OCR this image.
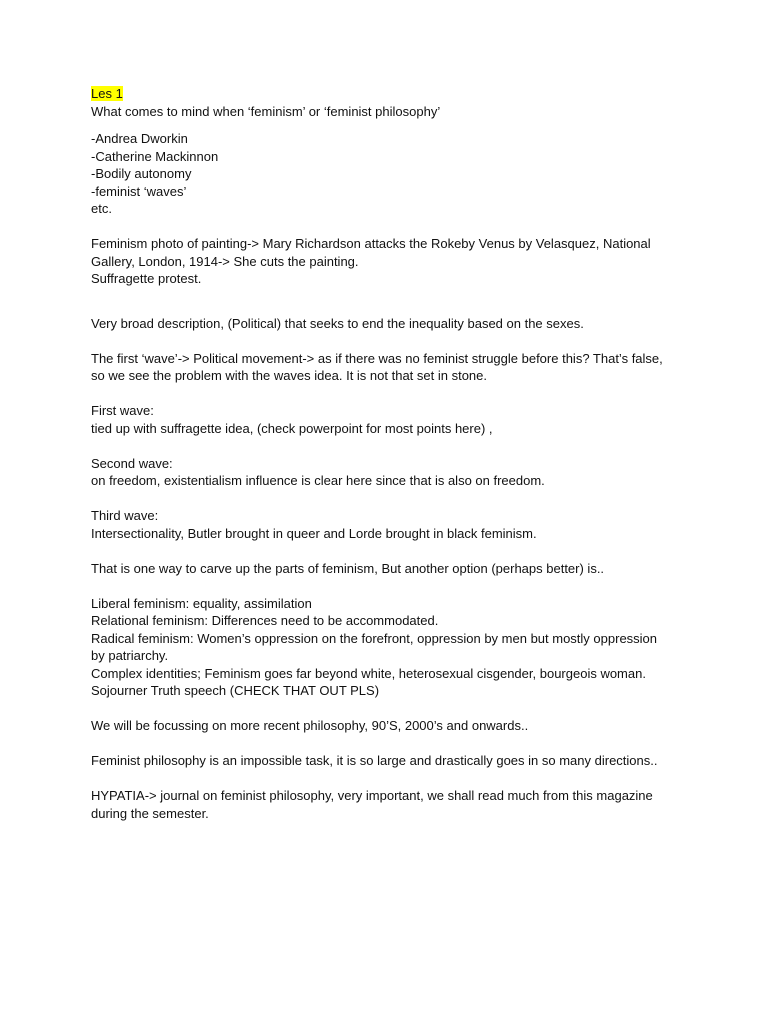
Les 1
What comes to mind when ‘feminism’ or ‘feminist philosophy’
-Andrea Dworkin
-Catherine Mackinnon
-Bodily autonomy
-feminist ‘waves’
etc.
Feminism photo of painting-> Mary Richardson attacks the Rokeby Venus by Velasquez, National
Gallery, London, 1914-> She cuts the painting.
Suffragette protest.
Very broad description, (Political) that seeks to end the inequality based on the sexes.
The first ‘wave’-> Political movement-> as if there was no feminist struggle before this? That’s false,
so we see the problem with the waves idea. It is not that set in stone.
First wave:
tied up with suffragette idea, (check powerpoint for most points here) ,
Second wave:
on freedom, existentialism influence is clear here since that is also on freedom.
Third wave:
Intersectionality, Butler brought in queer and Lorde brought in black feminism.
That is one way to carve up the parts of feminism, But another option (perhaps better) is..
Liberal feminism: equality, assimilation
Relational feminism: Differences need to be accommodated.
Radical feminism: Women’s oppression on the forefront, oppression by men but mostly oppression
by patriarchy.
Complex identities; Feminism goes far beyond white, heterosexual cisgender, bourgeois woman.
Sojourner Truth speech (CHECK THAT OUT PLS)
We will be focussing on more recent philosophy, 90’S, 2000’s and onwards..
Feminist philosophy is an impossible task, it is so large and drastically goes in so many directions..
HYPATIA-> journal on feminist philosophy, very important, we shall read much from this magazine
during the semester.
